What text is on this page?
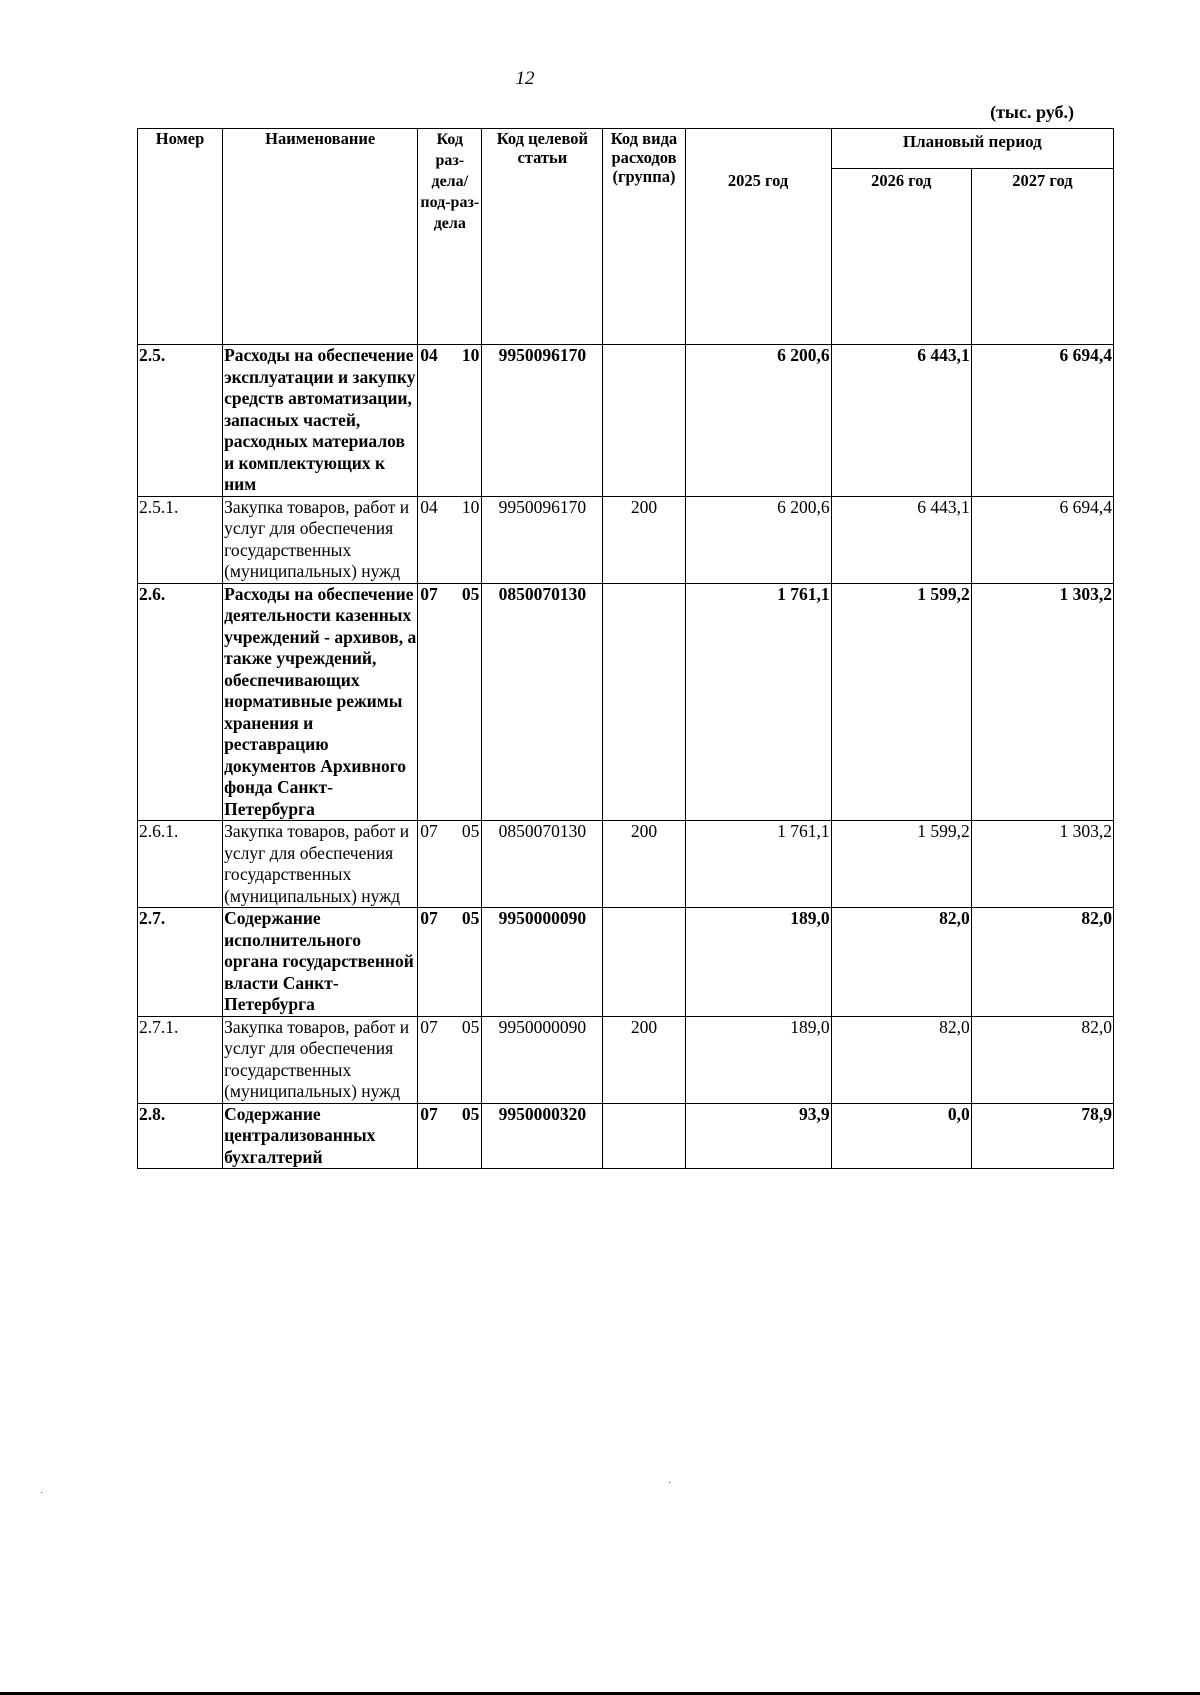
12
(тыс. руб.)
Номер	Наименование	Код
раз-дела/
под-раз-дела	Код целевой статьи	Код вида расходов (группа)	2025 год	Плановый период	
						2026 год	2027 год
2.5.	Расходы на обеспечение эксплуатации и закупку средств автоматизации, запасных частей, расходных материалов и комплектующих к ним	04 10	9950096170		6 200,6	6 443,1	6 694,4
2.5.1.	Закупка товаров, работ и услуг для обеспечения государственных (муниципальных) нужд	04 10	9950096170	200	6 200,6	6 443,1	6 694,4
2.6.	Расходы на обеспечение деятельности казенных учреждений - архивов, а также учреждений, обеспечивающих нормативные режимы хранения и реставрацию документов Архивного фонда Санкт-Петербурга	07 05	0850070130		1 761,1	1 599,2	1 303,2
2.6.1.	Закупка товаров, работ и услуг для обеспечения государственных (муниципальных) нужд	07 05	0850070130	200	1 761,1	1 599,2	1 303,2
2.7.	Содержание исполнительного органа государственной власти Санкт-Петербурга	07 05	9950000090		189,0	82,0	82,0
2.7.1.	Закупка товаров, работ и услуг для обеспечения государственных (муниципальных) нужд	07 05	9950000090	200	189,0	82,0	82,0
2.8.	Содержание централизованных бухгалтерий	07 05	9950000320		93,9	0,0	78,9
·
·
